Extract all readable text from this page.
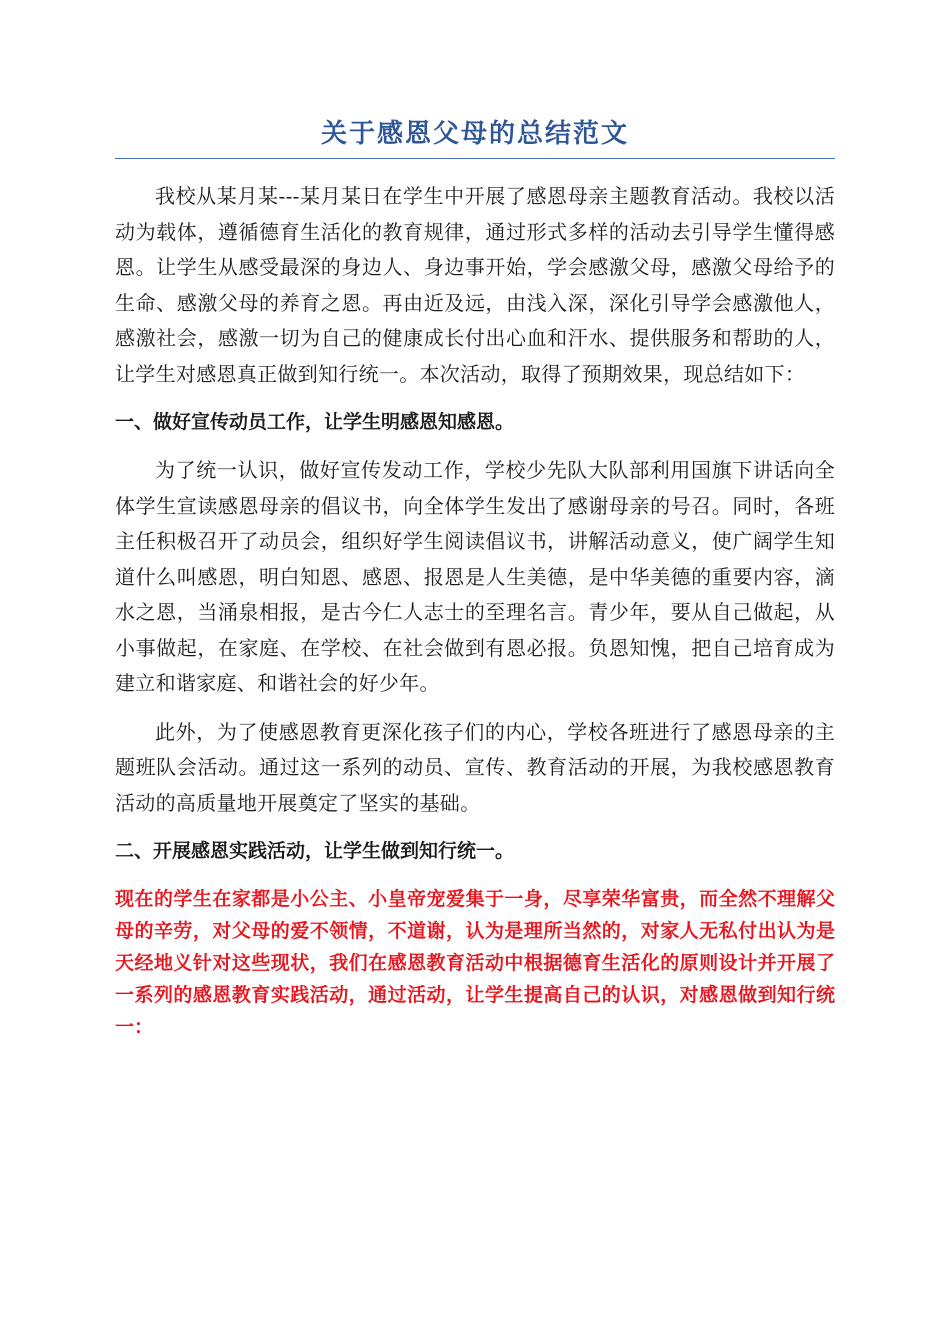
关于感恩父母的总结范文

我校从某月某---某月某日在学生中开展了感恩母亲主题教育活动。我校以活动为载体，遵循德育生活化的教育规律，通过形式多样的活动去引导学生懂得感恩。让学生从感受最深的身边人、身边事开始，学会感激父母，感激父母给予的生命、感激父母的养育之恩。再由近及远，由浅入深，深化引导学会感激他人，感激社会，感激一切为自己的健康成长付出心血和汗水、提供服务和帮助的人，让学生对感恩真正做到知行统一。本次活动，取得了预期效果，现总结如下：

一、做好宣传动员工作，让学生明感恩知感恩。

为了统一认识，做好宣传发动工作，学校少先队大队部利用国旗下讲话向全体学生宣读感恩母亲的倡议书，向全体学生发出了感谢母亲的号召。同时，各班主任积极召开了动员会，组织好学生阅读倡议书，讲解活动意义，使广阔学生知道什么叫感恩，明白知恩、感恩、报恩是人生美德，是中华美德的重要内容，滴水之恩，当涌泉相报，是古今仁人志士的至理名言。青少年，要从自己做起，从小事做起，在家庭、在学校、在社会做到有恩必报。负恩知愧，把自己培育成为建立和谐家庭、和谐社会的好少年。

此外，为了使感恩教育更深化孩子们的内心，学校各班进行了感恩母亲的主题班队会活动。通过这一系列的动员、宣传、教育活动的开展，为我校感恩教育活动的高质量地开展奠定了坚实的基础。

二、开展感恩实践活动，让学生做到知行统一。

现在的学生在家都是小公主、小皇帝宠爱集于一身，尽享荣华富贵，而全然不理解父母的辛劳，对父母的爱不领情，不道谢，认为是理所当然的，对家人无私付出认为是天经地义针对这些现状，我们在感恩教育活动中根据德育生活化的原则设计并开展了一系列的感恩教育实践活动，通过活动，让学生提高自己的认识，对感恩做到知行统一：
